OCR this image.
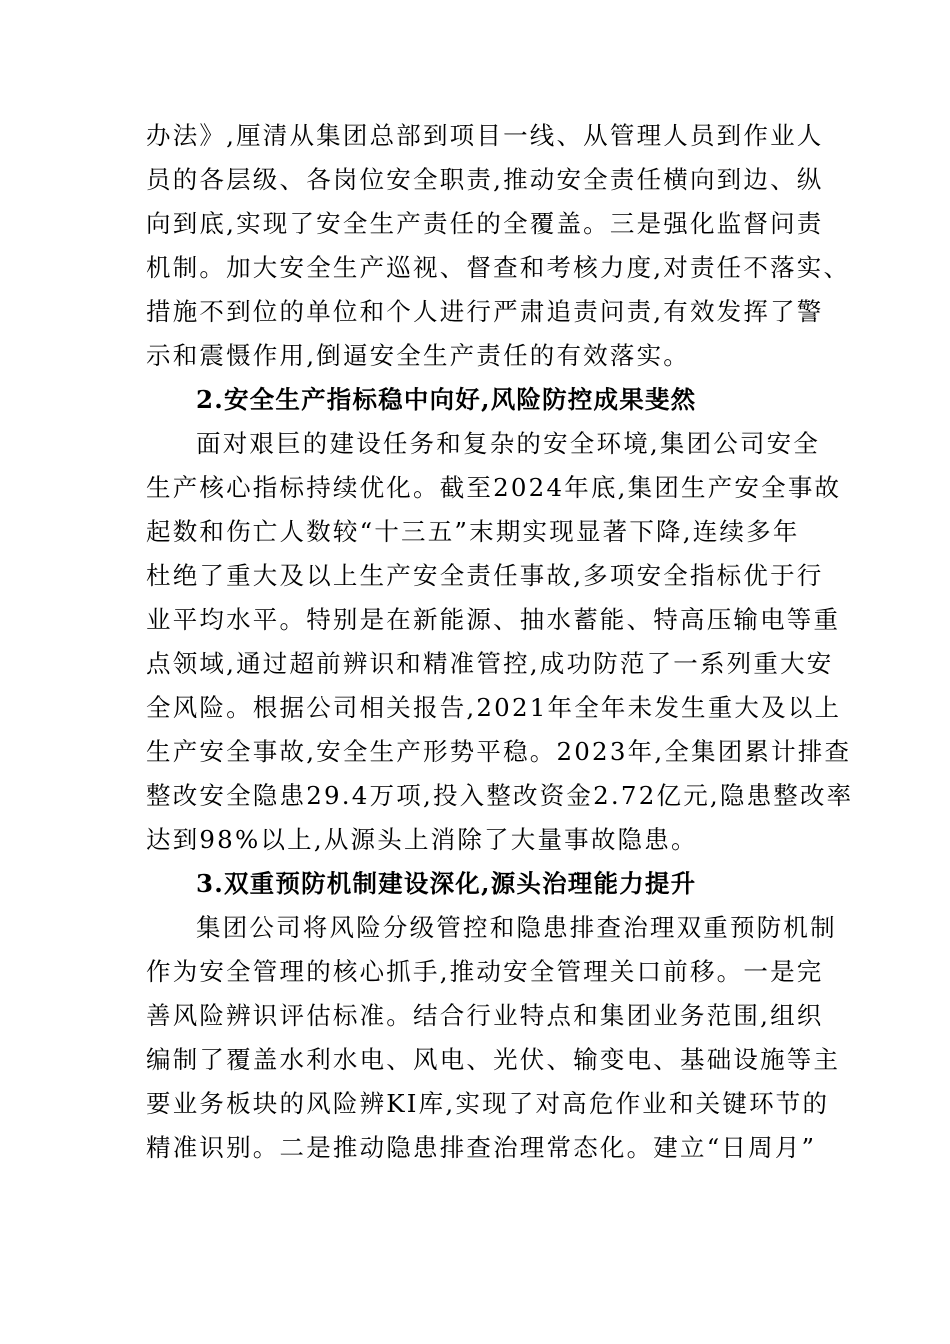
办法》,厘清从集团总部到项目一线、从管理人员到作业人
员的各层级、各岗位安全职责,推动安全责任横向到边、纵
向到底,实现了安全生产责任的全覆盖。三是强化监督问责
机制。加大安全生产巡视、督查和考核力度,对责任不落实、
措施不到位的单位和个人进行严肃追责问责,有效发挥了警
示和震慑作用,倒逼安全生产责任的有效落实。
2.安全生产指标稳中向好,风险防控成果斐然
面对艰巨的建设任务和复杂的安全环境,集团公司安全
生产核心指标持续优化。截至2024年底,集团生产安全事故
起数和伤亡人数较“十三五”末期实现显著下降,连续多年
杜绝了重大及以上生产安全责任事故,多项安全指标优于行
业平均水平。特别是在新能源、抽水蓄能、特高压输电等重
点领域,通过超前辨识和精准管控,成功防范了一系列重大安
全风险。根据公司相关报告,2021年全年未发生重大及以上
生产安全事故,安全生产形势平稳。2023年,全集团累计排查
整改安全隐患29.4万项,投入整改资金2.72亿元,隐患整改率
达到98%以上,从源头上消除了大量事故隐患。
3.双重预防机制建设深化,源头治理能力提升
集团公司将风险分级管控和隐患排查治理双重预防机制
作为安全管理的核心抓手,推动安全管理关口前移。一是完
善风险辨识评估标准。结合行业特点和集团业务范围,组织
编制了覆盖水利水电、风电、光伏、输变电、基础设施等主
要业务板块的风险辨KI库,实现了对高危作业和关键环节的
精准识别。二是推动隐患排查治理常态化。建立“日周月”
